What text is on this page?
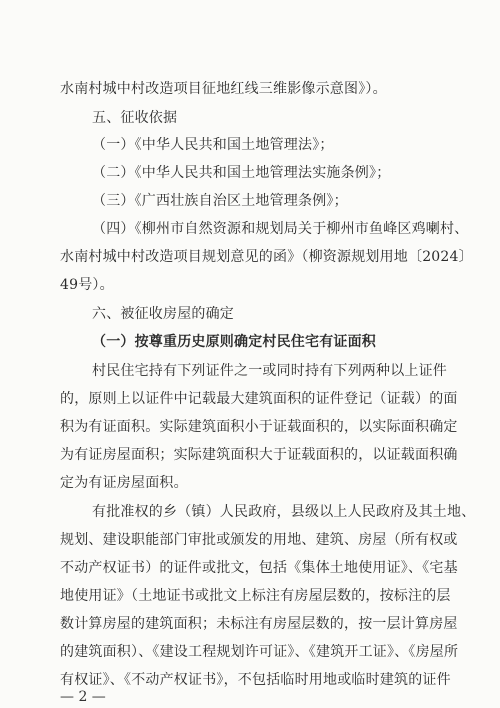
水南村城中村改造项目征地红线三维影像示意图》）。
五、征收依据
（一）《中华人民共和国土地管理法》；
（二）《中华人民共和国土地管理法实施条例》；
（三）《广西壮族自治区土地管理条例》；
（四）《柳州市自然资源和规划局关于柳州市鱼峰区鸡喇村、
水南村城中村改造项目规划意见的函》（柳资源规划用地〔2024〕
49号）。
六、被征收房屋的确定
（一）按尊重历史原则确定村民住宅有证面积
村民住宅持有下列证件之一或同时持有下列两种以上证件
的，原则上以证件中记载最大建筑面积的证件登记（证载）的面
积为有证面积。实际建筑面积小于证载面积的，以实际面积确定
为有证房屋面积；实际建筑面积大于证载面积的，以证载面积确
定为有证房屋面积。
有批准权的乡（镇）人民政府，县级以上人民政府及其土地、
规划、建设职能部门审批或颁发的用地、建筑、房屋（所有权或
不动产权证书）的证件或批文，包括《集体土地使用证》、《宅基
地使用证》（土地证书或批文上标注有房屋层数的，按标注的层
数计算房屋的建筑面积；未标注有房屋层数的，按一层计算房屋
的建筑面积）、《建设工程规划许可证》、《建筑开工证》、《房屋所
有权证》、《不动产权证书》，不包括临时用地或临时建筑的证件
— 2 —
